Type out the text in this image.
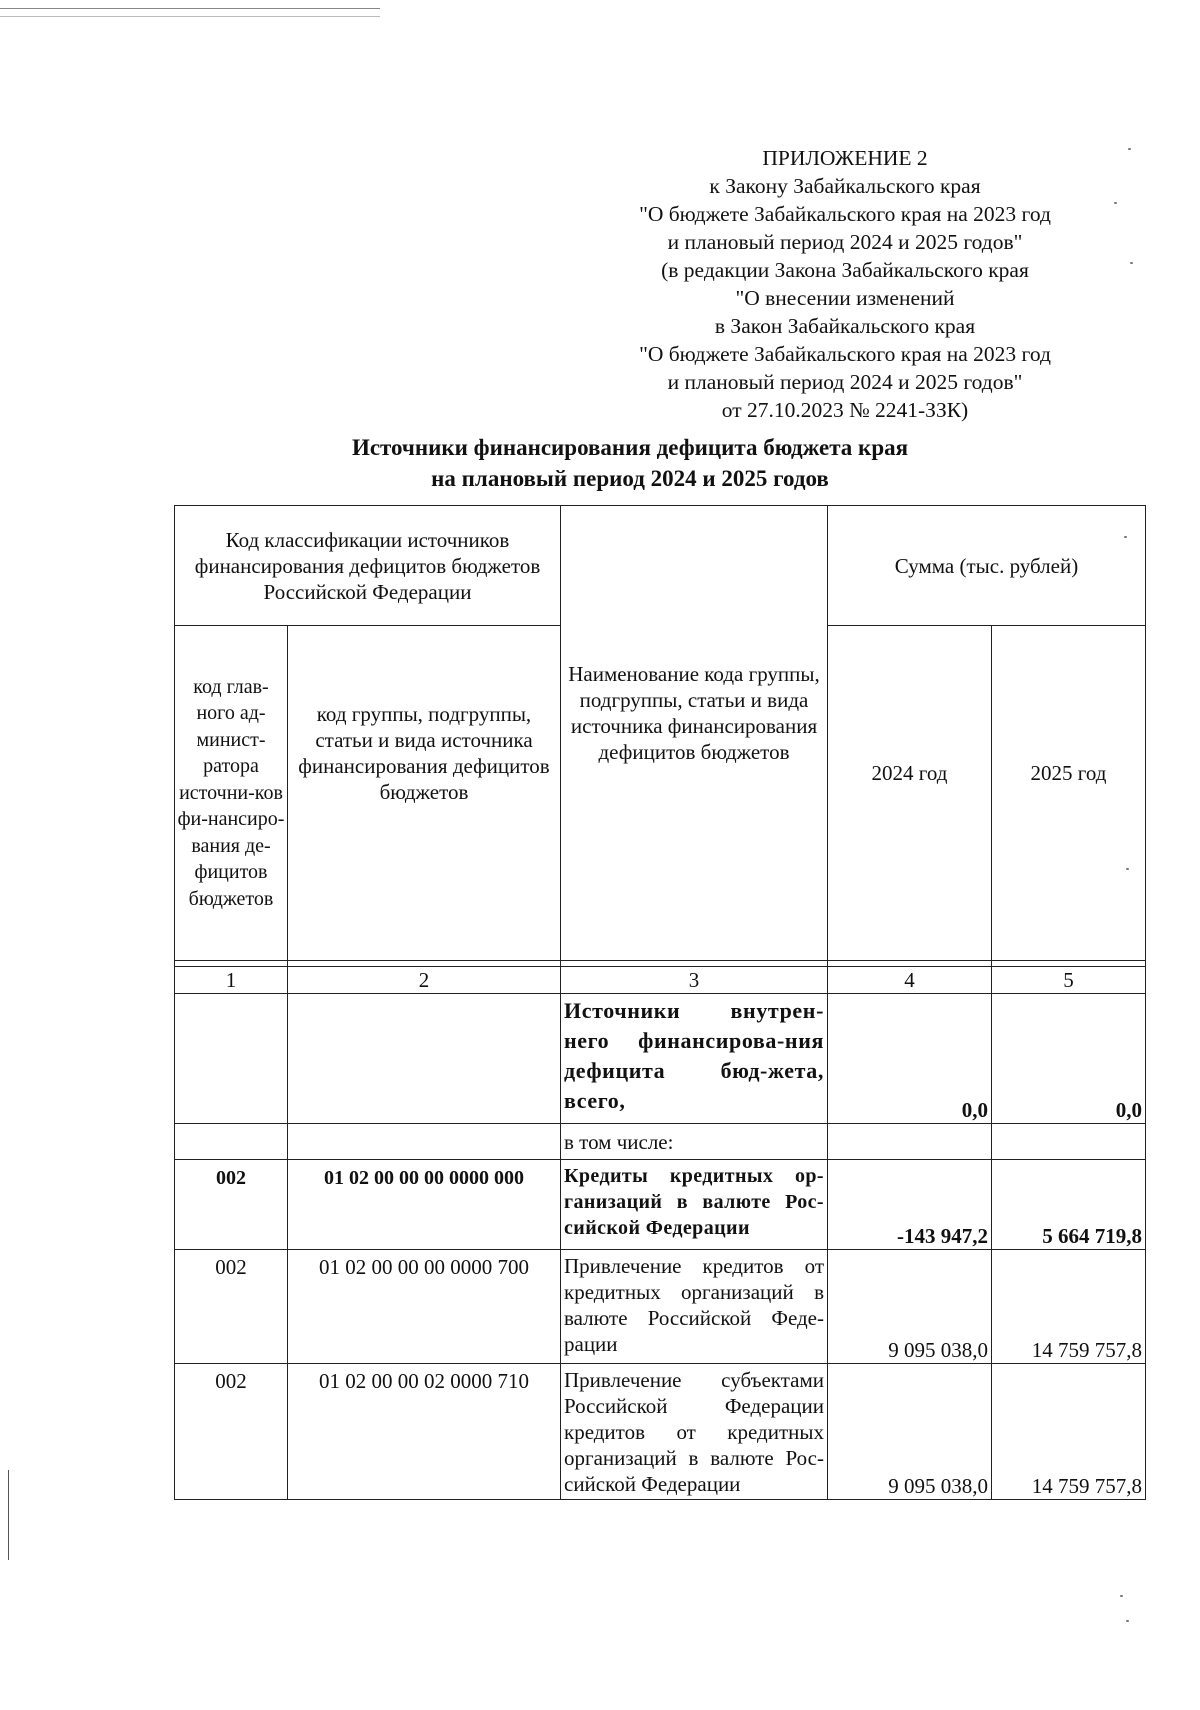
ПРИЛОЖЕНИЕ 2
к Закону Забайкальского края
"О бюджете Забайкальского края на 2023 год
и плановый период 2024 и 2025 годов"
(в редакции Закона Забайкальского края
"О внесении изменений
в Закон Забайкальского края
"О бюджете Забайкальского края на 2023 год
и плановый период 2024 и 2025 годов"
от 27.10.2023 № 2241-ЗЗК)
Источники финансирования дефицита бюджета края
на плановый период 2024 и 2025 годов
Код классификации источников финансирования дефицитов бюджетов Российской Федерации		Наименование кода группы, подгруппы, статьи и вида источника финансирования дефицитов бюджетов	Сумма (тыс. рублей)	
код глав-ного ад-минист-ратора источни-ков фи-нансиро-вания де-фицитов бюджетов	код группы, подгруппы, статьи и вида источника финансирования дефицитов бюджетов		2024 год	2025 год

1	2	3	4	5
		Источники внутрен-него финансирова-ния дефицита бюд-жета, всего,	0,0	0,0
		в том числе:		
002	01 02 00 00 00 0000 000	Кредиты кредитных ор-ганизаций в валюте Рос-сийской Федерации	-143 947,2	5 664 719,8
002	01 02 00 00 00 0000 700	Привлечение кредитов от кредитных организаций в валюте Российской Феде-рации	9 095 038,0	14 759 757,8
002	01 02 00 00 02 0000 710	Привлечение субъектами Российской Федерации кредитов от кредитных организаций в валюте Рос-сийской Федерации	9 095 038,0	14 759 757,8
